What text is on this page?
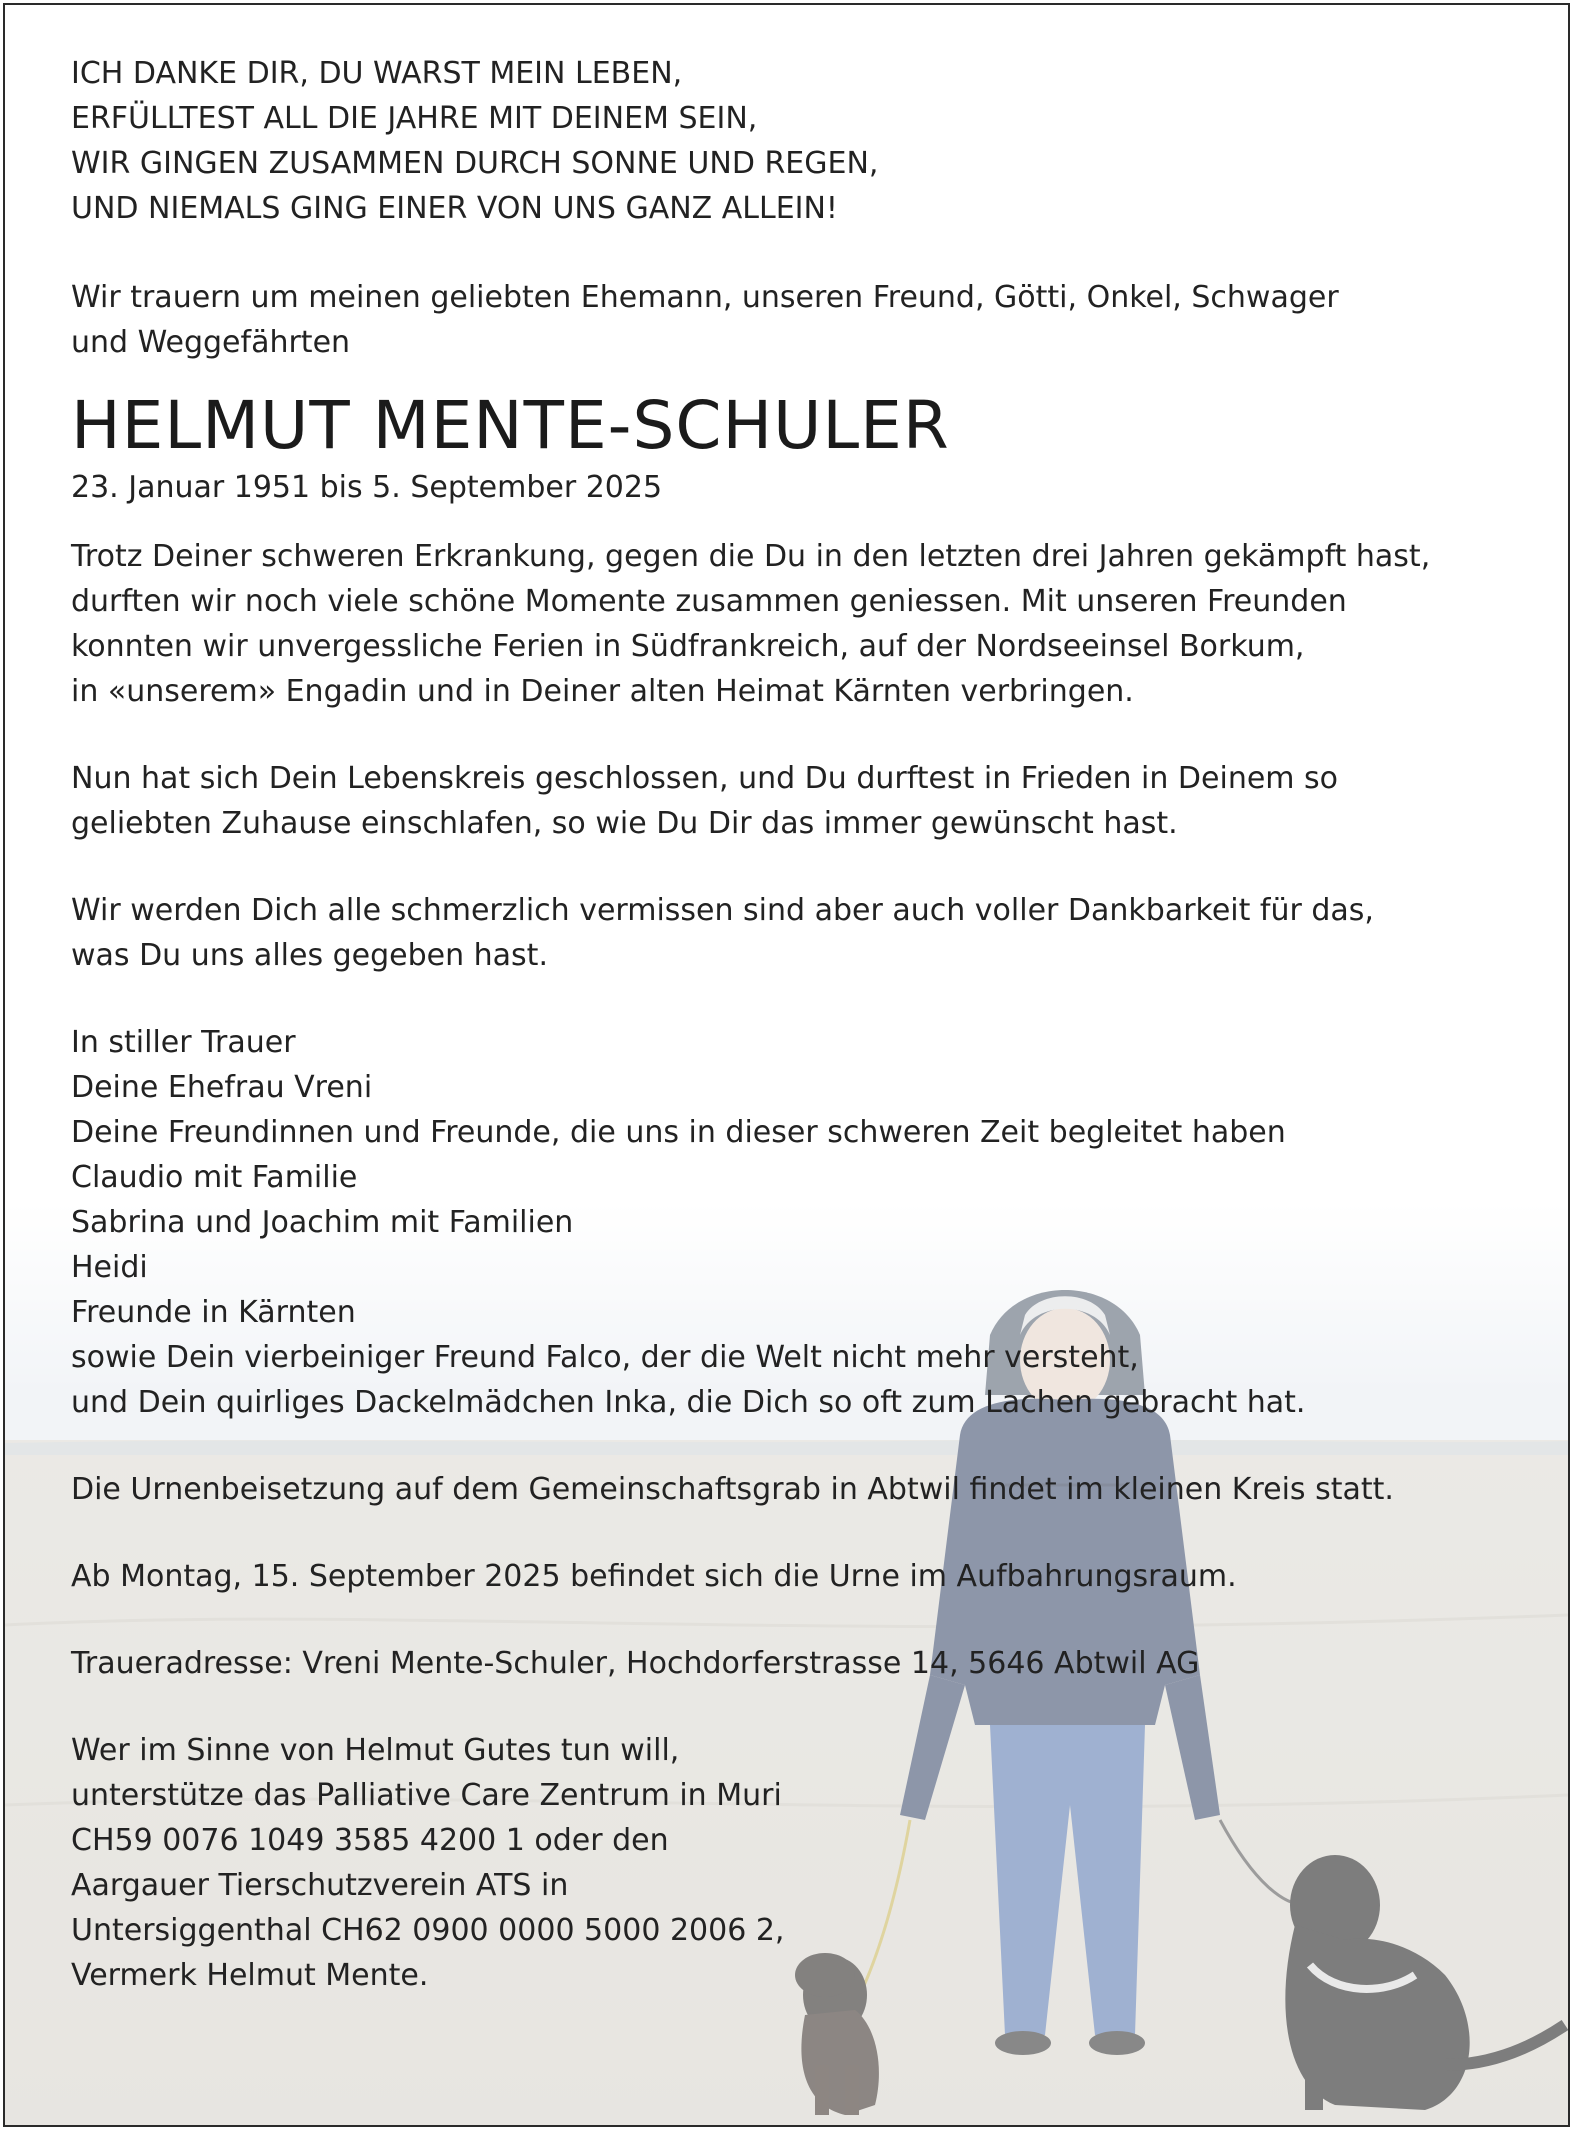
ICH DANKE DIR, DU WARST MEIN LEBEN,
ERFÜLLTEST ALL DIE JAHRE MIT DEINEM SEIN,
WIR GINGEN ZUSAMMEN DURCH SONNE UND REGEN,
UND NIEMALS GING EINER VON UNS GANZ ALLEIN!
Wir trauern um meinen geliebten Ehemann, unseren Freund, Götti, Onkel, Schwager
und Weggefährten
HELMUT MENTE-SCHULER
23. Januar 1951 bis 5. September 2025
Trotz Deiner schweren Erkrankung, gegen die Du in den letzten drei Jahren gekämpft hast,
durften wir noch viele schöne Momente zusammen geniessen. Mit unseren Freunden
konnten wir unvergessliche Ferien in Südfrankreich, auf der Nordseeinsel Borkum,
in «unserem» Engadin und in Deiner alten Heimat Kärnten verbringen.
Nun hat sich Dein Lebenskreis geschlossen, und Du durftest in Frieden in Deinem so
geliebten Zuhause einschlafen, so wie Du Dir das immer gewünscht hast.
Wir werden Dich alle schmerzlich vermissen sind aber auch voller Dankbarkeit für das,
was Du uns alles gegeben hast.
In stiller Trauer
Deine Ehefrau Vreni
Deine Freundinnen und Freunde, die uns in dieser schweren Zeit begleitet haben
Claudio mit Familie
Sabrina und Joachim mit Familien
Heidi
Freunde in Kärnten
sowie Dein vierbeiniger Freund Falco, der die Welt nicht mehr versteht,
und Dein quirliges Dackelmädchen Inka, die Dich so oft zum Lachen gebracht hat.
Die Urnenbeisetzung auf dem Gemeinschaftsgrab in Abtwil findet im kleinen Kreis statt.
Ab Montag, 15. September 2025 befindet sich die Urne im Aufbahrungsraum.
Traueradresse: Vreni Mente-Schuler, Hochdorferstrasse 14, 5646 Abtwil AG
Wer im Sinne von Helmut Gutes tun will,
unterstütze das Palliative Care Zentrum in Muri
CH59 0076 1049 3585 4200 1 oder den
Aargauer Tierschutzverein ATS in
Untersiggenthal CH62 0900 0000 5000 2006 2,
Vermerk Helmut Mente.
